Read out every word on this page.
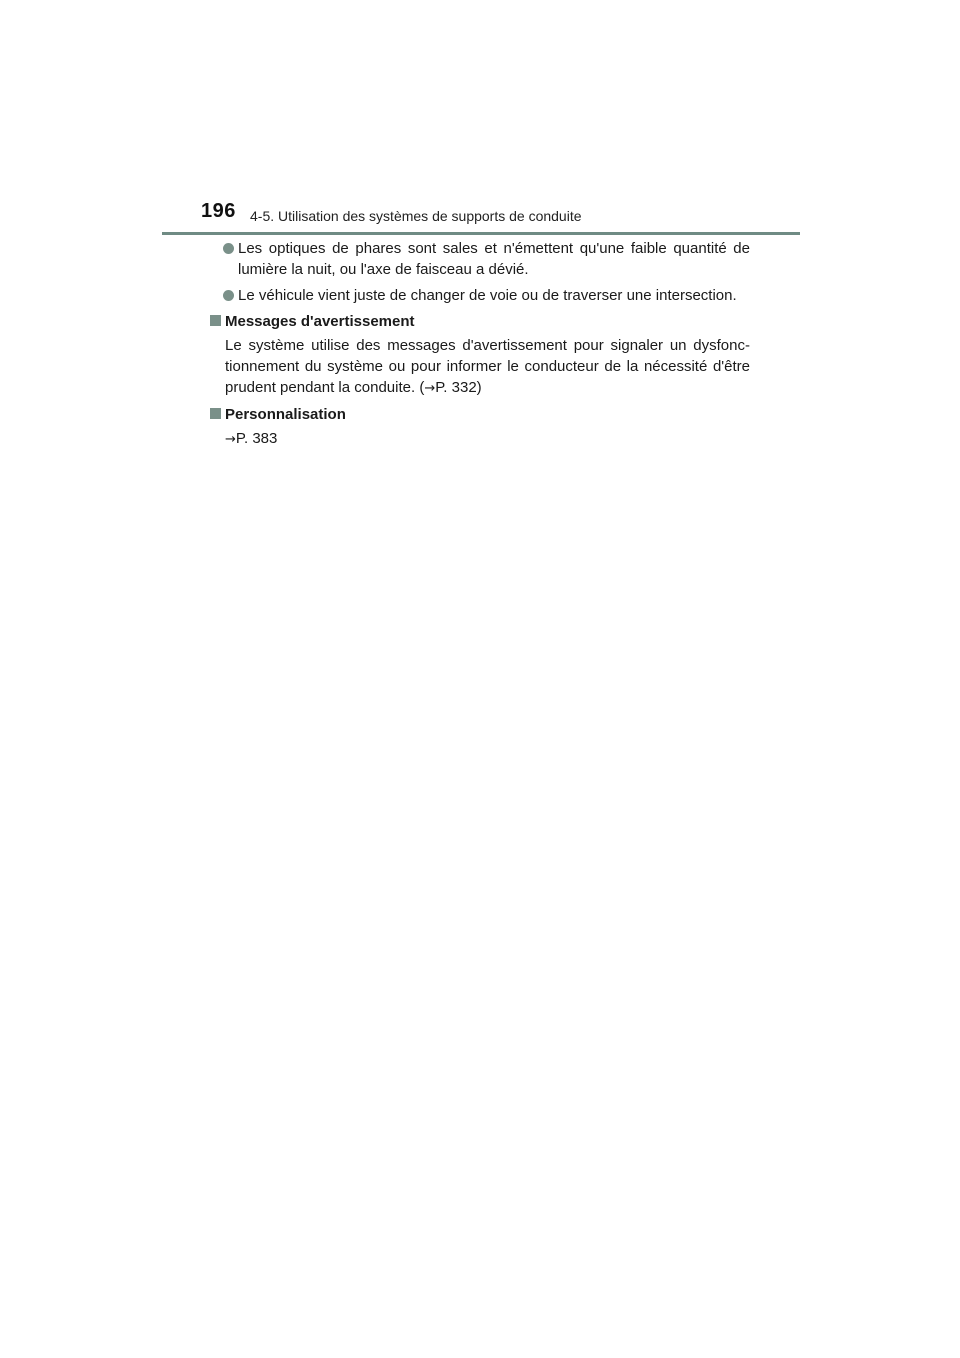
196 4-5. Utilisation des systèmes de supports de conduite
Les optiques de phares sont sales et n'émettent qu'une faible quantité de lumière la nuit, ou l'axe de faisceau a dévié.
Le véhicule vient juste de changer de voie ou de traverser une intersection.
Messages d'avertissement
Le système utilise des messages d'avertissement pour signaler un dysfonc-tionnement du système ou pour informer le conducteur de la nécessité d'être prudent pendant la conduite. (→P. 332)
Personnalisation
→P. 383
